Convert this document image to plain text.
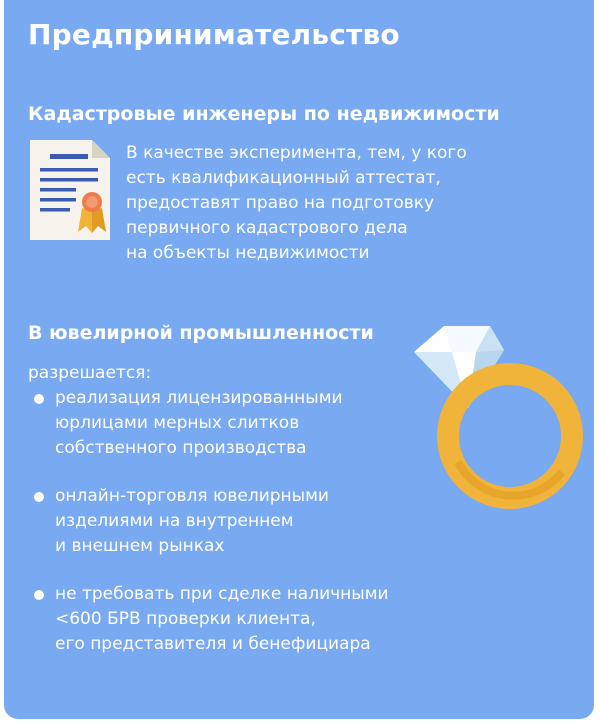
Предпринимательство
Кадастровые инженеры по недвижимости
В качестве эксперимента, тем, у кого
есть квалификационный аттестат,
предоставят право на подготовку
первичного кадастрового дела
на объекты недвижимости
В ювелирной промышленности
разрешается:
реализация лицензированными
юрлицами мерных слитков
собственного производства
онлайн-торговля ювелирными
изделиями на внутреннем
и внешнем рынках
не требовать при сделке наличными
<600 БРВ проверки клиента,
его представителя и бенефициара
